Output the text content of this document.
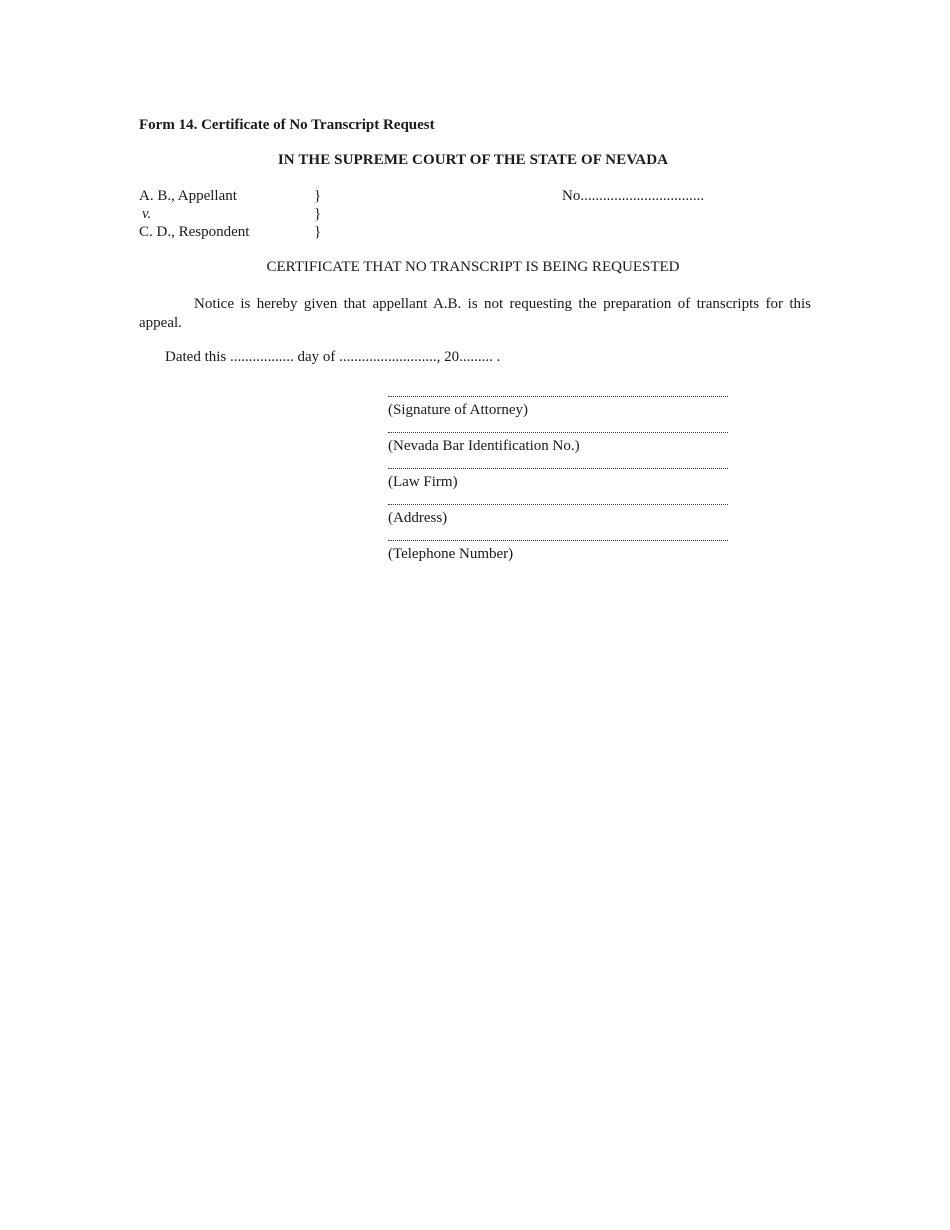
Form 14. Certificate of No Transcript Request
IN THE SUPREME COURT OF THE STATE OF NEVADA
A. B., Appellant
v.
C. D., Respondent
}
}
}
No.................................
CERTIFICATE THAT NO TRANSCRIPT IS BEING REQUESTED
Notice is hereby given that appellant A.B. is not requesting the preparation of transcripts for this appeal.
Dated this ................. day of .........................., 20......... .
(Signature of Attorney)
(Nevada Bar Identification No.)
(Law Firm)
(Address)
(Telephone Number)
